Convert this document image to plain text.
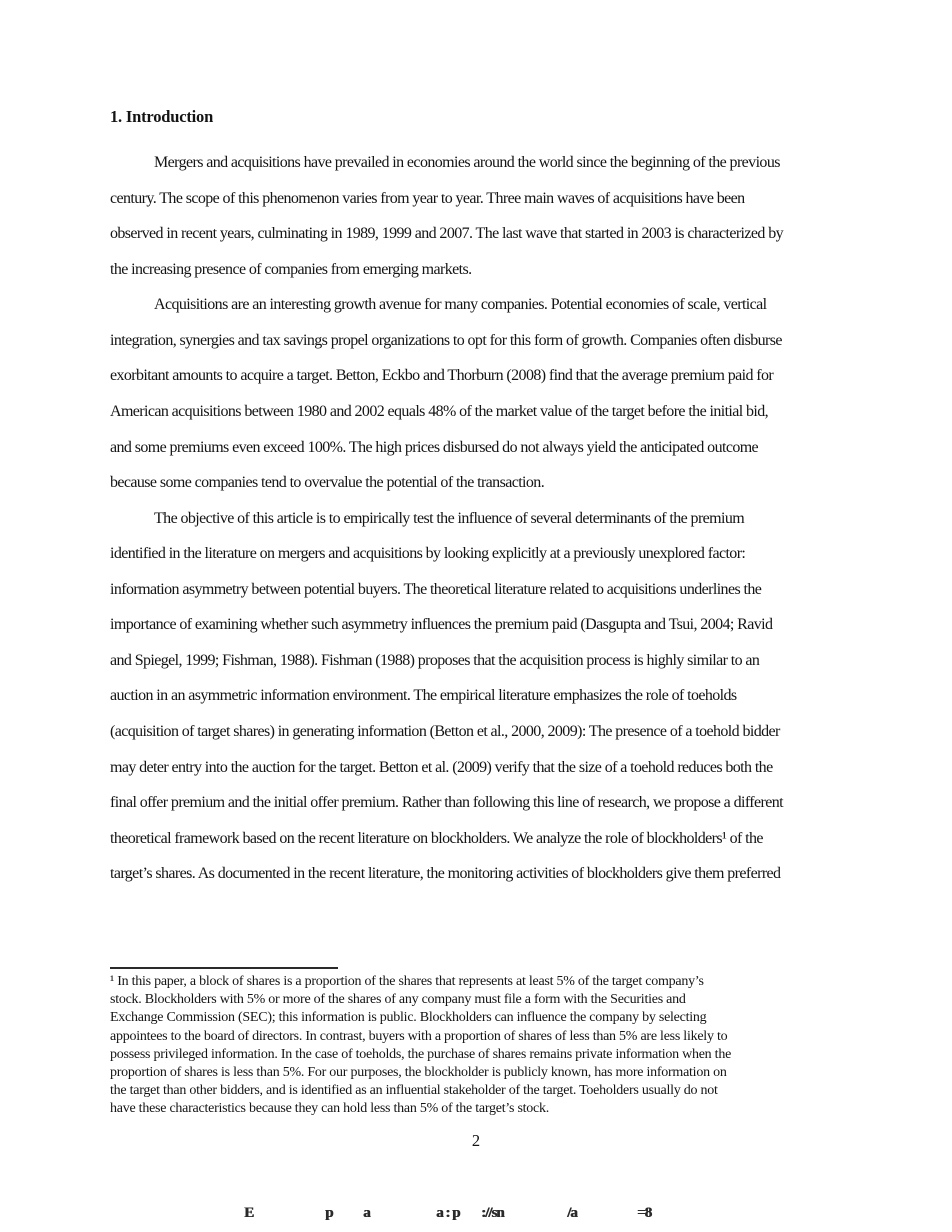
1. Introduction
Mergers and acquisitions have prevailed in economies around the world since the beginning of the previous
century. The scope of this phenomenon varies from year to year. Three main waves of acquisitions have been
observed in recent years, culminating in 1989, 1999 and 2007. The last wave that started in 2003 is characterized by
the increasing presence of companies from emerging markets.
Acquisitions are an interesting growth avenue for many companies. Potential economies of scale, vertical
integration, synergies and tax savings propel organizations to opt for this form of growth. Companies often disburse
exorbitant amounts to acquire a target. Betton, Eckbo and Thorburn (2008) find that the average premium paid for
American acquisitions between 1980 and 2002 equals 48% of the market value of the target before the initial bid,
and some premiums even exceed 100%. The high prices disbursed do not always yield the anticipated outcome
because some companies tend to overvalue the potential of the transaction.
The objective of this article is to empirically test the influence of several determinants of the premium
identified in the literature on mergers and acquisitions by looking explicitly at a previously unexplored factor:
information asymmetry between potential buyers. The theoretical literature related to acquisitions underlines the
importance of examining whether such asymmetry influences the premium paid (Dasgupta and Tsui, 2004; Ravid
and Spiegel, 1999; Fishman, 1988). Fishman (1988) proposes that the acquisition process is highly similar to an
auction in an asymmetric information environment. The empirical literature emphasizes the role of toeholds
(acquisition of target shares) in generating information (Betton et al., 2000, 2009): The presence of a toehold bidder
may deter entry into the auction for the target. Betton et al. (2009) verify that the size of a toehold reduces both the
final offer premium and the initial offer premium. Rather than following this line of research, we propose a different
theoretical framework based on the recent literature on blockholders. We analyze the role of blockholders¹ of the
target’s shares. As documented in the recent literature, the monitoring activities of blockholders give them preferred
¹ In this paper, a block of shares is a proportion of the shares that represents at least 5% of the target company’s
stock. Blockholders with 5% or more of the shares of any company must file a form with the Securities and
Exchange Commission (SEC); this information is public. Blockholders can influence the company by selecting
appointees to the board of directors. In contrast, buyers with a proportion of shares of less than 5% are less likely to
possess privileged information. In the case of toeholds, the purchase of shares remains private information when the
proportion of shares is less than 5%. For our purposes, the blockholder is publicly known, has more information on
the target than other bidders, and is identified as an influential stakeholder of the target. Toeholders usually do not
have these characteristics because they can hold less than 5% of the target’s stock.
2
E	p a	a : p ://sn	/a	=8
